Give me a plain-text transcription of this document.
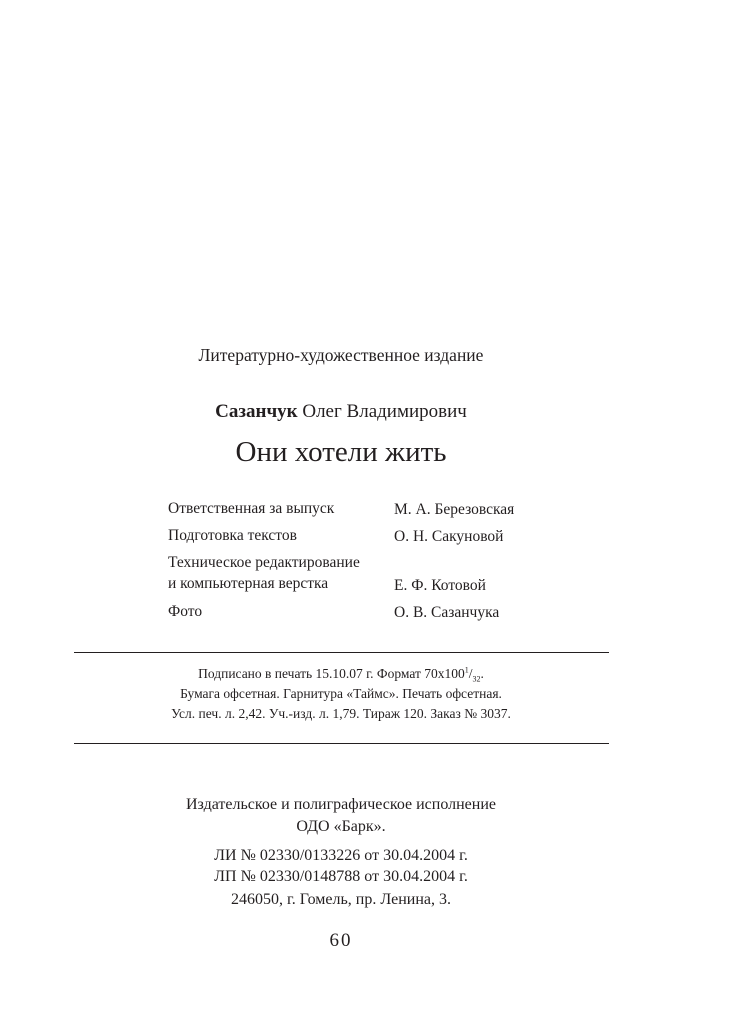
Литературно-художественное издание
Сазанчук Олег Владимирович
Они хотели жить
Ответственная за выпуск	М. А. Березовская
Подготовка текстов	О. Н. Сакуновой
Техническое редактирование
и компьютерная верстка	Е. Ф. Котовой
Фото	О. В. Сазанчука
Подписано в печать 15.10.07 г. Формат $70x100^1/_{32}$.
Бумага офсетная. Гарнитура «Таймс». Печать офсетная.
Усл. печ. л. 2,42. Уч.-изд. л. 1,79. Тираж 120. Заказ № 3037.
Издательское и полиграфическое исполнение
ОДО «Барк».
ЛИ № 02330/0133226 от 30.04.2004 г.
ЛП № 02330/0148788 от 30.04.2004 г.
246050, г. Гомель, пр. Ленина, 3.
60
